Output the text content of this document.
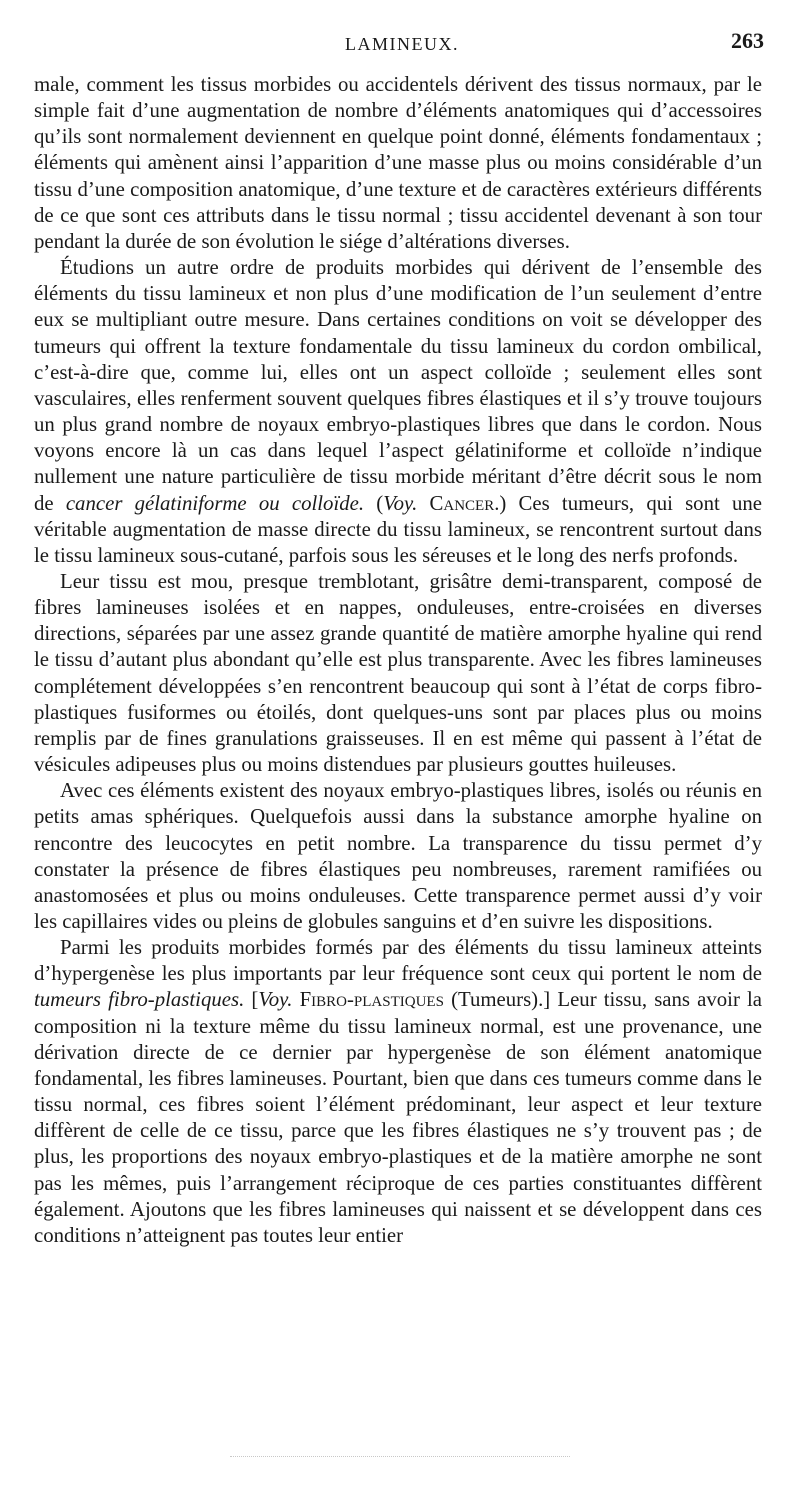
LAMINEUX.	263

male, comment les tissus morbides ou accidentels dérivent des tissus normaux, par le simple fait d’une augmentation de nombre d’éléments anatomiques qui d’accessoires qu’ils sont normalement deviennent en quelque point donné, éléments fondamentaux ; éléments qui amènent ainsi l’apparition d’une masse plus ou moins considérable d’un tissu d’une composition anatomique, d’une texture et de caractères extérieurs différents de ce que sont ces attributs dans le tissu normal ; tissu accidentel devenant à son tour pendant la durée de son évolution le siége d’altérations diverses.

Étudions un autre ordre de produits morbides qui dérivent de l’ensemble des éléments du tissu lamineux et non plus d’une modification de l’un seulement d’entre eux se multipliant outre mesure. Dans certaines conditions on voit se développer des tumeurs qui offrent la texture fondamentale du tissu lamineux du cordon ombilical, c’est-à-dire que, comme lui, elles ont un aspect colloïde ; seulement elles sont vasculaires, elles renferment souvent quelques fibres élastiques et il s’y trouve toujours un plus grand nombre de noyaux embryo-plastiques libres que dans le cordon. Nous voyons encore là un cas dans lequel l’aspect gélatiniforme et colloïde n’indique nullement une nature particulière de tissu morbide méritant d’être décrit sous le nom de cancer gélatiniforme ou colloïde. (Voy. Cancer.) Ces tumeurs, qui sont une véritable augmentation de masse directe du tissu lamineux, se rencontrent surtout dans le tissu lamineux sous-cutané, parfois sous les séreuses et le long des nerfs profonds.

Leur tissu est mou, presque tremblotant, grisâtre demi-transparent, composé de fibres lamineuses isolées et en nappes, onduleuses, entre-croisées en diverses directions, séparées par une assez grande quantité de matière amorphe hyaline qui rend le tissu d’autant plus abondant qu’elle est plus transparente. Avec les fibres lamineuses complétement développées s’en rencontrent beaucoup qui sont à l’état de corps fibro-plastiques fusiformes ou étoilés, dont quelques-uns sont par places plus ou moins remplis par de fines granulations graisseuses. Il en est même qui passent à l’état de vésicules adipeuses plus ou moins distendues par plusieurs gouttes huileuses.

Avec ces éléments existent des noyaux embryo-plastiques libres, isolés ou réunis en petits amas sphériques. Quelquefois aussi dans la substance amorphe hyaline on rencontre des leucocytes en petit nombre. La transparence du tissu permet d’y constater la présence de fibres élastiques peu nombreuses, rarement ramifiées ou anastomosées et plus ou moins onduleuses. Cette transparence permet aussi d’y voir les capillaires vides ou pleins de globules sanguins et d’en suivre les dispositions.

Parmi les produits morbides formés par des éléments du tissu lamineux atteints d’hypergenèse les plus importants par leur fréquence sont ceux qui portent le nom de tumeurs fibro-plastiques. [Voy. Fibro-plastiques (Tumeurs).] Leur tissu, sans avoir la composition ni la texture même du tissu lamineux normal, est une provenance, une dérivation directe de ce dernier par hypergenèse de son élément anatomique fondamental, les fibres lamineuses. Pourtant, bien que dans ces tumeurs comme dans le tissu normal, ces fibres soient l’élément prédominant, leur aspect et leur texture diffèrent de celle de ce tissu, parce que les fibres élastiques ne s’y trouvent pas ; de plus, les proportions des noyaux embryo-plastiques et de la matière amorphe ne sont pas les mêmes, puis l’arrangement réciproque de ces parties constituantes diffèrent également. Ajoutons que les fibres lamineuses qui naissent et se développent dans ces conditions n’atteignent pas toutes leur entier
